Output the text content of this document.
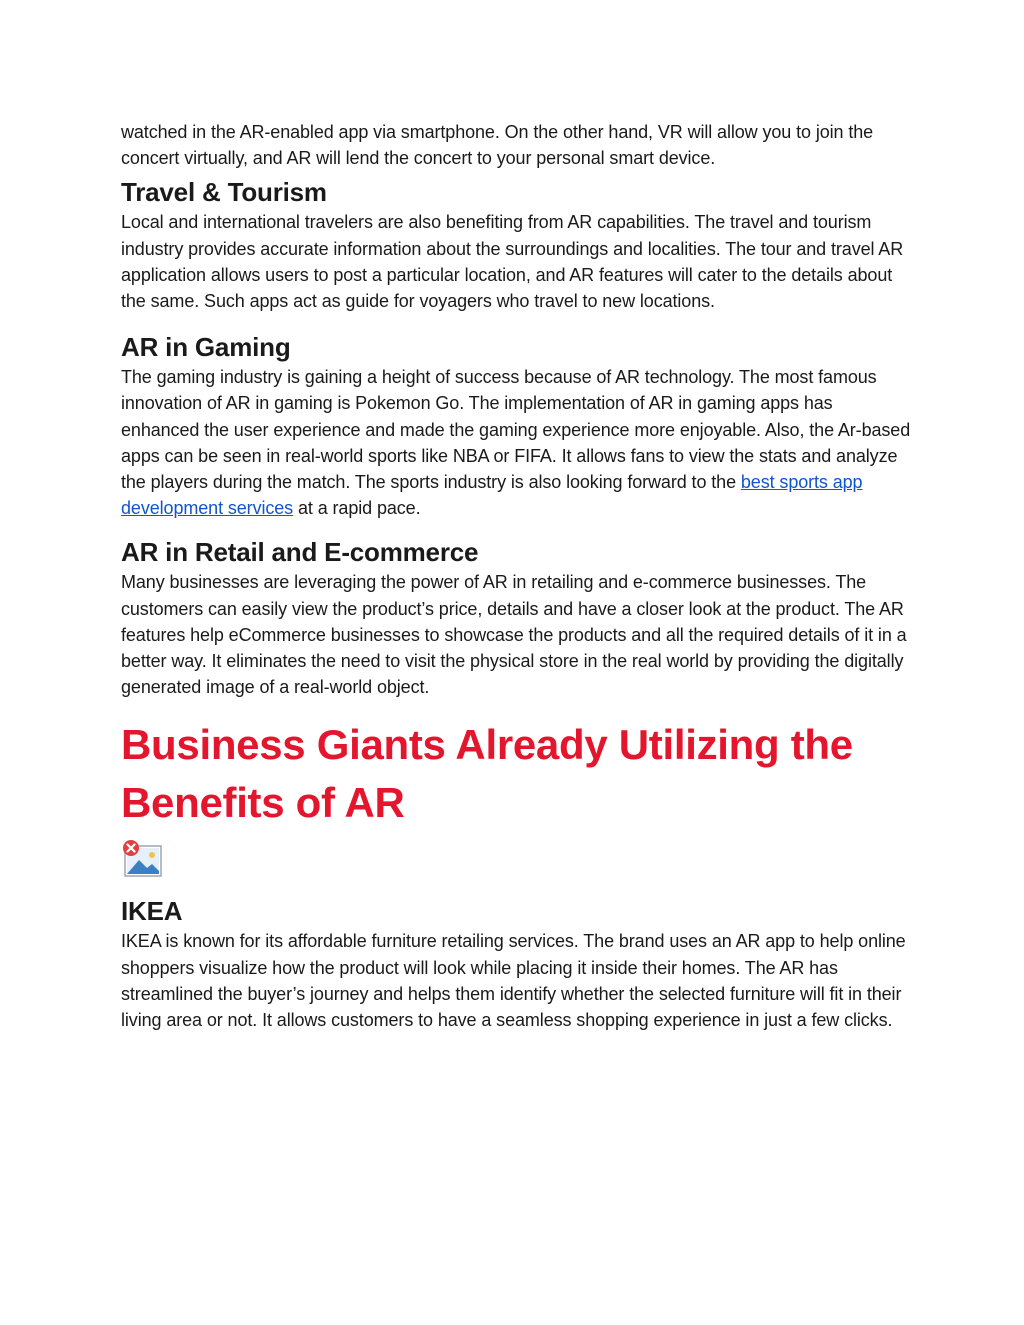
watched in the AR-enabled app via smartphone. On the other hand, VR will allow you to join the concert virtually, and AR will lend the concert to your personal smart device.

Travel & Tourism

Local and international travelers are also benefiting from AR capabilities. The travel and tourism industry provides accurate information about the surroundings and localities. The tour and travel AR application allows users to post a particular location, and AR features will cater to the details about the same. Such apps act as guide for voyagers who travel to new locations.

AR in Gaming

The gaming industry is gaining a height of success because of AR technology. The most famous innovation of AR in gaming is Pokemon Go. The implementation of AR in gaming apps has enhanced the user experience and made the gaming experience more enjoyable. Also, the Ar-based apps can be seen in real-world sports like NBA or FIFA. It allows fans to view the stats and analyze the players during the match. The sports industry is also looking forward to the best sports app development services at a rapid pace.

AR in Retail and E-commerce

Many businesses are leveraging the power of AR in retailing and e-commerce businesses. The customers can easily view the product’s price, details and have a closer look at the product. The AR features help eCommerce businesses to showcase the products and all the required details of it in a better way. It eliminates the need to visit the physical store in the real world by providing the digitally generated image of a real-world object.

Business Giants Already Utilizing the Benefits of AR
IKEA

IKEA is known for its affordable furniture retailing services. The brand uses an AR app to help online shoppers visualize how the product will look while placing it inside their homes. The AR has streamlined the buyer’s journey and helps them identify whether the selected furniture will fit in their living area or not. It allows customers to have a seamless shopping experience in just a few clicks.
